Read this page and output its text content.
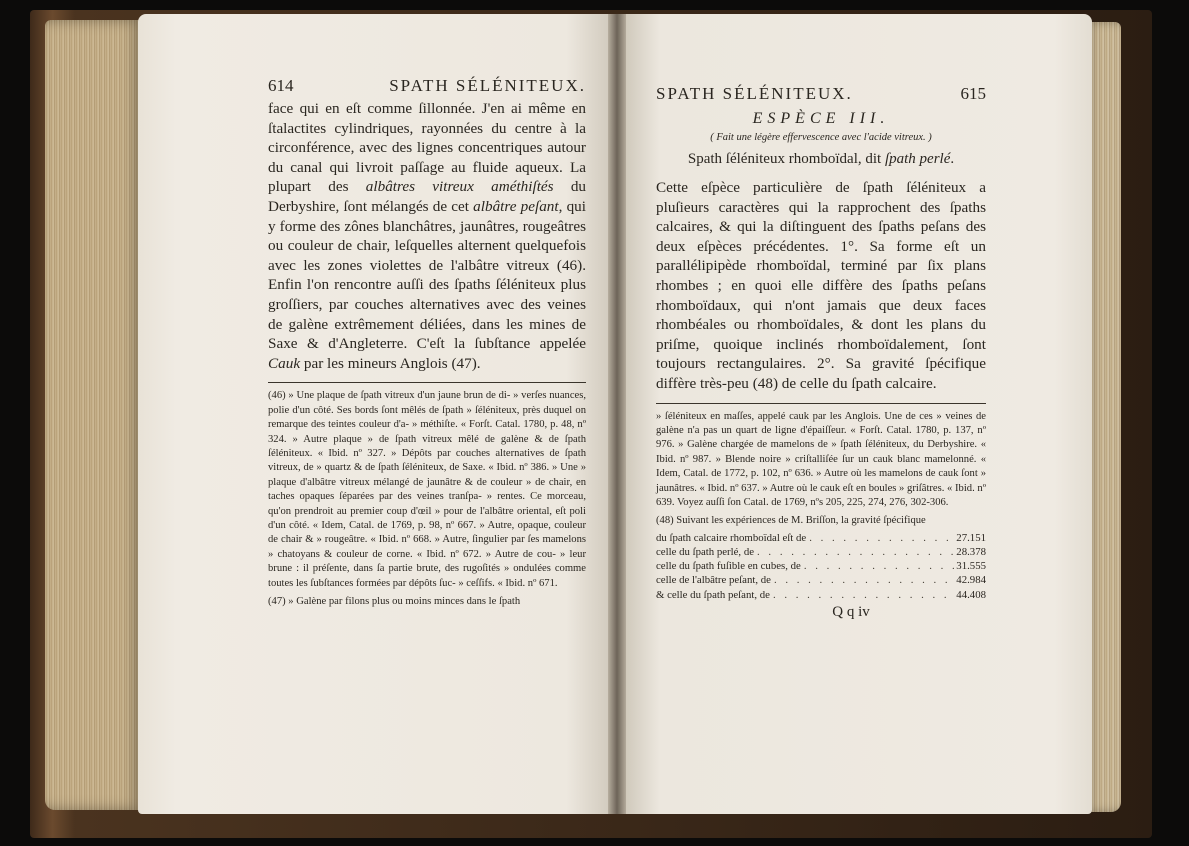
614	SPATH SÉLÉNITEUX.

face qui en eſt comme ſillonnée. J'en ai même en ſtalactites cylindriques, rayonnées du centre à la circonférence, avec des lignes concentriques autour du canal qui livroit paſſage au fluide aqueux. La plupart des albâtres vitreux améthiſtés du Derbyshire, ſont mélangés de cet albâtre peſant, qui y forme des zônes blanchâtres, jaunâtres, rougeâtres ou couleur de chair, leſquelles alternent quelquefois avec les zones violettes de l'albâtre vitreux (46). Enfin l'on rencontre auſſi des ſpaths ſéléniteux plus groſſiers, par couches alternatives avec des veines de galène extrêmement déliées, dans les mines de Saxe & d'Angleterre. C'eſt la ſubſtance appelée Cauk par les mineurs Anglois (47).

(46) » Une plaque de ſpath vitreux d'un jaune brun de di- » verſes nuances, polie d'un côté. Ses bords ſont mêlés de ſpath » ſéléniteux, près duquel on remarque des teintes couleur d'a- » méthiſte. « Forſt. Catal. 1780, p. 48, nº 324. » Autre plaque » de ſpath vitreux mêlé de galène & de ſpath ſéléniteux. « Ibid. nº 327. » Dépôts par couches alternatives de ſpath vitreux, de » quartz & de ſpath ſéléniteux, de Saxe. « Ibid. nº 386. » Une » plaque d'albâtre vitreux mélangé de jaunâtre & de couleur » de chair, en taches opaques ſéparées par des veines tranſpa- » rentes. Ce morceau, qu'on prendroit au premier coup d'œil » pour de l'albâtre oriental, eſt poli d'un côté. « Idem, Catal. de 1769, p. 98, nº 667. » Autre, opaque, couleur de chair & » rougeâtre. « Ibid. nº 668. » Autre, ſingulier par ſes mamelons » chatoyans & couleur de corne. « Ibid. nº 672. » Autre de cou- » leur brune : il préſente, dans ſa partie brute, des rugoſités » ondulées comme toutes les ſubſtances formées par dépôts ſuc- » ceſſifs. « Ibid. nº 671.

(47) » Galène par filons plus ou moins minces dans le ſpath

SPATH SÉLÉNITEUX.	615
ESPÈCE III.
( Fait une légère effervescence avec l'acide vitreux. )
Spath ſéléniteux rhomboïdal, dit ſpath perlé.

Cette eſpèce particulière de ſpath ſéléniteux a pluſieurs caractères qui la rapprochent des ſpaths calcaires, & qui la diſtinguent des ſpaths peſans des deux eſpèces précédentes. 1°. Sa forme eſt un parallélipipède rhomboïdal, terminé par ſix plans rhombes ; en quoi elle diffère des ſpaths peſans rhomboïdaux, qui n'ont jamais que deux faces rhombéales ou rhomboïdales, & dont les plans du priſme, quoique inclinés rhomboïdalement, ſont toujours rectangulaires. 2°. Sa gravité ſpécifique diffère très-peu (48) de celle du ſpath calcaire.

» ſéléniteux en maſſes, appelé cauk par les Anglois. Une de ces » veines de galène n'a pas un quart de ligne d'épaiſſeur. « Forſt. Catal. 1780, p. 137, nº 976. » Galène chargée de mamelons de » ſpath ſéléniteux, du Derbyshire. « Ibid. nº 987. » Blende noire » criſtalliſée ſur un cauk blanc mamelonné. « Idem, Catal. de 1772, p. 102, nº 636. » Autre où les mamelons de cauk ſont » jaunâtres. « Ibid. nº 637. » Autre où le cauk eſt en boules » griſâtres. « Ibid. nº 639. Voyez auſſi ſon Catal. de 1769, nºs 205, 225, 274, 276, 302-306.

(48) Suivant les expériences de M. Briſſon, la gravité ſpécifique

du ſpath calcaire rhomboïdal eſt de . . .	27.151
celle du ſpath perlé, de . . .	28.378
celle du ſpath fuſible en cubes, de . . .	31.555
celle de l'albâtre peſant, de . . .	42.984
& celle du ſpath peſant, de . . .	44.408
Q q iv
